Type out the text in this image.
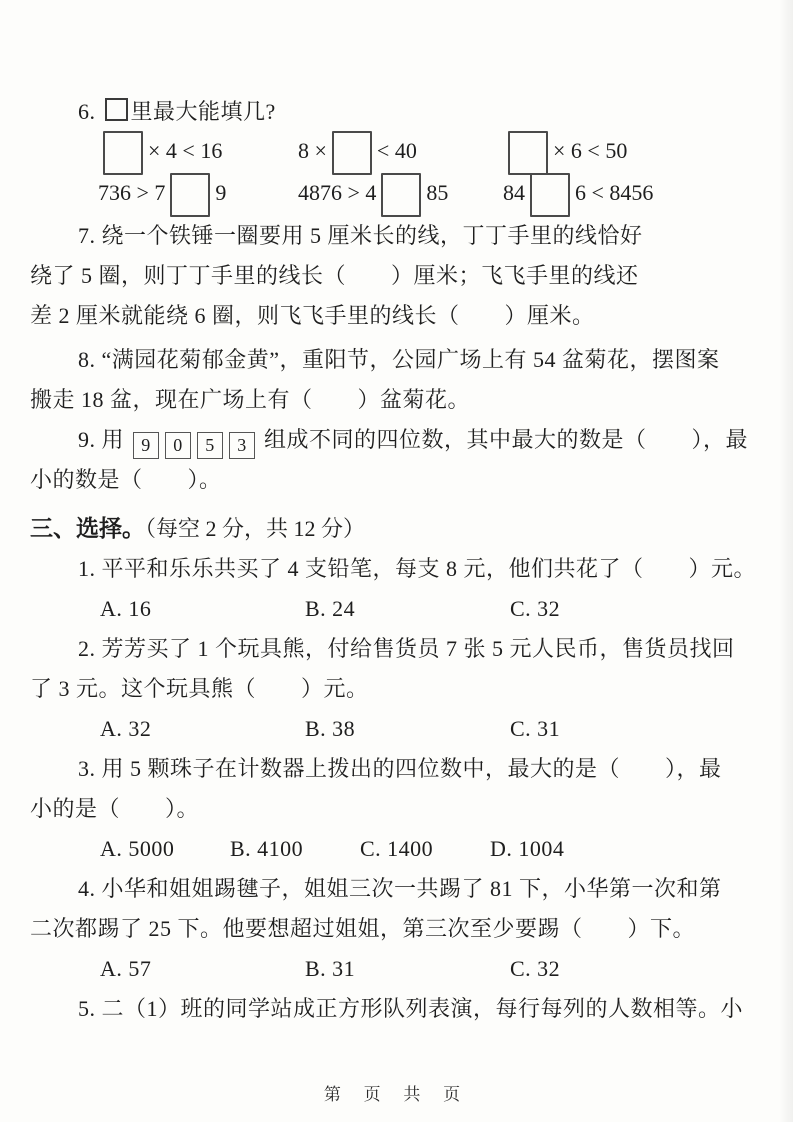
6. 里最大能填几?
× 4 < 16	8 × < 40	× 6 < 50
736 > 7 9	4876 > 4 85	84 6 < 8456
7. 绕一个铁锤一圈要用 5 厘米长的线，丁丁手里的线恰好
绕了 5 圈，则丁丁手里的线长（　　）厘米；飞飞手里的线还
差 2 厘米就能绕 6 圈，则飞飞手里的线长（　　）厘米。
8. “满园花菊郁金黄”，重阳节，公园广场上有 54 盆菊花，摆图案
搬走 18 盆，现在广场上有（　　）盆菊花。
9. 用 9 0 5 3 组成不同的四位数，其中最大的数是（　　），最
小的数是（　　）。
三、选择。（每空 2 分，共 12 分）
1. 平平和乐乐共买了 4 支铅笔，每支 8 元，他们共花了（　　）元。
A. 16	B. 24	C. 32
2. 芳芳买了 1 个玩具熊，付给售货员 7 张 5 元人民币，售货员找回
了 3 元。这个玩具熊（　　）元。
A. 32	B. 38	C. 31
3. 用 5 颗珠子在计数器上拨出的四位数中，最大的是（　　），最
小的是（　　）。
A. 5000	B. 4100	C. 1400	D. 1004
4. 小华和姐姐踢毽子，姐姐三次一共踢了 81 下，小华第一次和第
二次都踢了 25 下。他要想超过姐姐，第三次至少要踢（　　）下。
A. 57	B. 31	C. 32
5. 二（1）班的同学站成正方形队列表演，每行每列的人数相等。小
第 页 共 页
